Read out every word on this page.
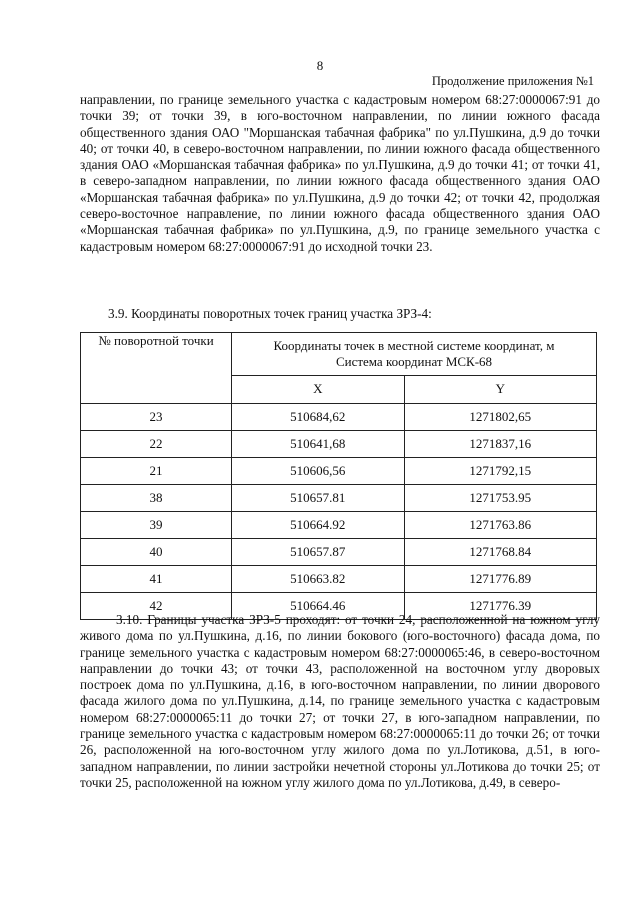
8
Продолжение приложения №1
направлении, по границе земельного участка с кадастровым номером 68:27:0000067:91 до точки 39; от точки 39, в юго-восточном направлении, по линии южного фасада общественного здания ОАО "Моршанская табачная фабрика" по ул.Пушкина, д.9 до точки 40; от точки 40, в северо-восточном направлении, по линии южного фасада общественного здания ОАО «Моршанская табачная фабрика» по ул.Пушкина, д.9 до точки 41; от точки 41, в северо-западном направлении, по линии южного фасада общественного здания ОАО «Моршанская табачная фабрика» по ул.Пушкина, д.9 до точки 42; от точки 42, продолжая северо-восточное направление, по линии южного фасада общественного здания ОАО «Моршанская табачная фабрика» по ул.Пушкина, д.9, по границе земельного участка с кадастровым номером 68:27:0000067:91 до исходной точки 23.
3.9. Координаты поворотных точек границ участка ЗРЗ-4:
№ поворотной точки	Координаты точек в местной системе координат, м
Система координат МСК-68	
	X	Y
23	510684,62	1271802,65
22	510641,68	1271837,16
21	510606,56	1271792,15
38	510657.81	1271753.95
39	510664.92	1271763.86
40	510657.87	1271768.84
41	510663.82	1271776.89
42	510664.46	1271776.39
3.10. Границы участка ЗРЗ-5 проходят: от точки 24, расположенной на южном углу живого дома по ул.Пушкина, д.16, по линии бокового (юго-восточного) фасада дома, по границе земельного участка с кадастровым номером 68:27:0000065:46, в северо-восточном направлении до точки 43; от точки 43, расположенной на восточном углу дворовых построек дома по ул.Пушкина, д.16, в юго-восточном направлении, по линии дворового фасада жилого дома по ул.Пушкина, д.14, по границе земельного участка с кадастровым номером 68:27:0000065:11 до точки 27; от точки 27, в юго-западном направлении, по границе земельного участка с кадастровым номером 68:27:0000065:11 до точки 26; от точки 26, расположенной на юго-восточном углу жилого дома по ул.Лотикова, д.51, в юго-западном направлении, по линии застройки нечетной стороны ул.Лотикова до точки 25; от точки 25, расположенной на южном углу жилого дома по ул.Лотикова, д.49, в северо-
